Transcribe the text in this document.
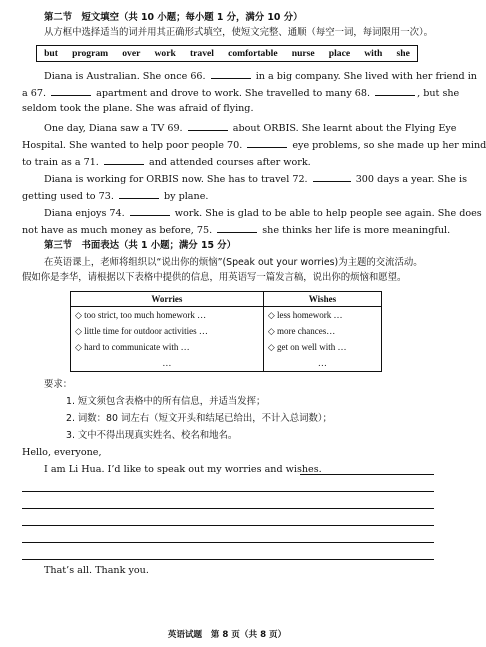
第二节　短文填空（共 10 小题；每小题 1 分，满分 10 分）
从方框中选择适当的词并用其正确形式填空，使短文完整、通顺（每空一词，每词限用一次）。
but program over work travel comfortable nurse place with she
Diana is Australian. She once 66.	in a big company. She lived with her friend in
a 67.	apartment and drove to work. She travelled to many 68.	, but she
seldom took the plane. She was afraid of flying.
One day, Diana saw a TV 69.	about ORBIS. She learnt about the Flying Eye
Hospital. She wanted to help poor people 70.	eye problems, so she made up her mind
to train as a 71.	and attended courses after work.
Diana is working for ORBIS now. She has to travel 72.	300 days a year. She is
getting used to 73.	by plane.
Diana enjoys 74.	work. She is glad to be able to help people see again. She does
not have as much money as before, 75.	she thinks her life is more meaningful.
第三节　书面表达（共 1 小题；满分 15 分）
在英语课上，老师将组织以“说出你的烦恼”(Speak out your worries)为主题的交流活动。
假如你是李华，请根据以下表格中提供的信息，用英语写一篇发言稿，说出你的烦恼和愿望。
Worries	Wishes
◇ too strict, too much homework …	◇ less homework …
◇ little time for outdoor activities …	◇ more chances…
◇ hard to communicate with …	◇ get on well with …
…	…
要求：
1. 短文须包含表格中的所有信息，并适当发挥；
2. 词数：80 词左右（短文开头和结尾已给出，不计入总词数）；
3. 文中不得出现真实姓名、校名和地名。
Hello, everyone,
I am Li Hua. I’d like to speak out my worries and wishes.
That’s all. Thank you.
英语试题　第 8 页（共 8 页）
